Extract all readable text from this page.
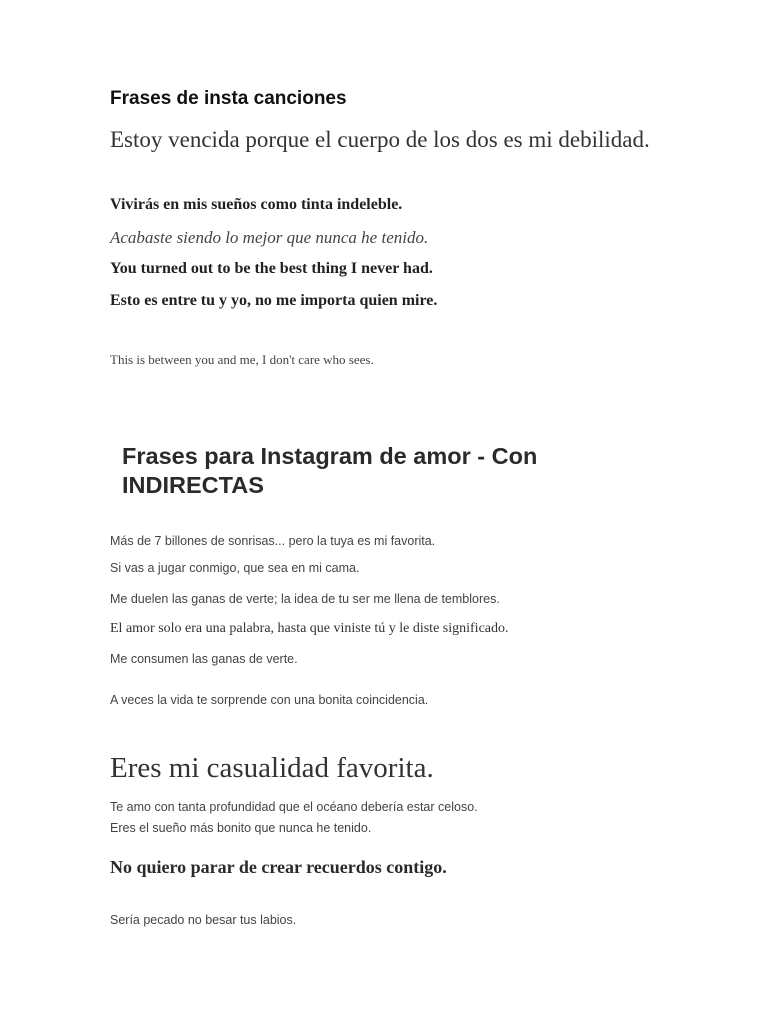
Frases de insta canciones

Estoy vencida porque el cuerpo de los dos es mi debilidad.

Vivirás en mis sueños como tinta indeleble.

Acabaste siendo lo mejor que nunca he tenido.

You turned out to be the best thing I never had.

Esto es entre tu y yo, no me importa quien mire.

This is between you and me, I don't care who sees.

Frases para Instagram de amor - Con INDIRECTAS

Más de 7 billones de sonrisas... pero la tuya es mi favorita.

Si vas a jugar conmigo, que sea en mi cama.

Me duelen las ganas de verte; la idea de tu ser me llena de temblores.

El amor solo era una palabra, hasta que viniste tú y le diste significado.

Me consumen las ganas de verte.

A veces la vida te sorprende con una bonita coincidencia.

Eres mi casualidad favorita.

Te amo con tanta profundidad que el océano debería estar celoso.

Eres el sueño más bonito que nunca he tenido.

No quiero parar de crear recuerdos contigo.

Sería pecado no besar tus labios.
